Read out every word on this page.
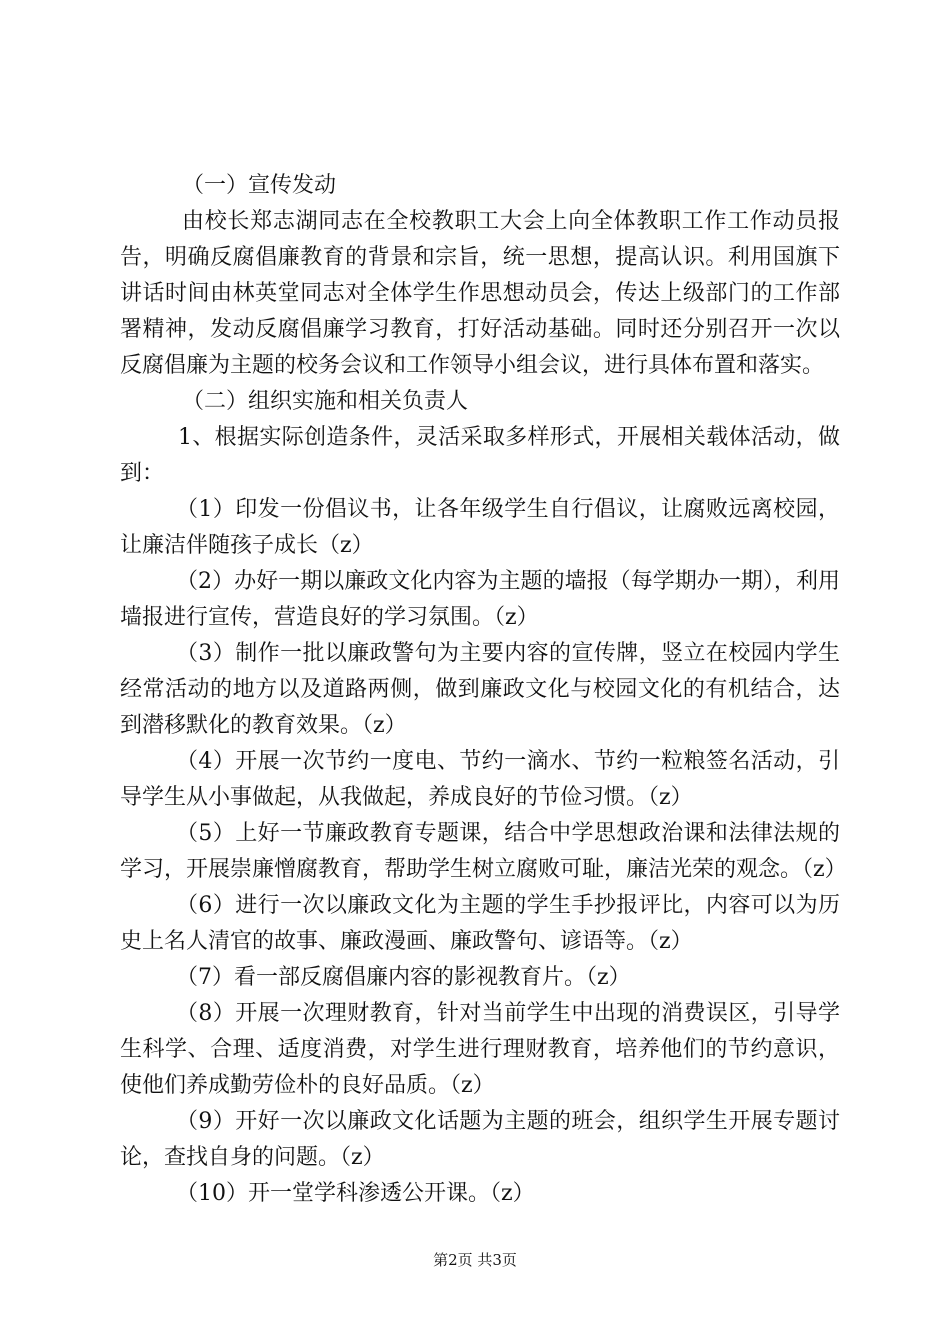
（一）宣传发动

由校长郑志湖同志在全校教职工大会上向全体教职工作工作动员报告，明确反腐倡廉教育的背景和宗旨，统一思想，提高认识。利用国旗下讲话时间由林英堂同志对全体学生作思想动员会，传达上级部门的工作部署精神，发动反腐倡廉学习教育，打好活动基础。同时还分别召开一次以反腐倡廉为主题的校务会议和工作领导小组会议，进行具体布置和落实。

（二）组织实施和相关负责人

1、根据实际创造条件，灵活采取多样形式，开展相关载体活动，做到：

（1）印发一份倡议书，让各年级学生自行倡议，让腐败远离校园，让廉洁伴随孩子成长（z）

（2）办好一期以廉政文化内容为主题的墙报（每学期办一期），利用墙报进行宣传，营造良好的学习氛围。（z）

（3）制作一批以廉政警句为主要内容的宣传牌，竖立在校园内学生经常活动的地方以及道路两侧，做到廉政文化与校园文化的有机结合，达到潜移默化的教育效果。（z）

（4）开展一次节约一度电、节约一滴水、节约一粒粮签名活动，引导学生从小事做起，从我做起，养成良好的节俭习惯。（z）

（5）上好一节廉政教育专题课，结合中学思想政治课和法律法规的学习，开展崇廉憎腐教育，帮助学生树立腐败可耻，廉洁光荣的观念。（z）

（6）进行一次以廉政文化为主题的学生手抄报评比，内容可以为历史上名人清官的故事、廉政漫画、廉政警句、谚语等。（z）

（7）看一部反腐倡廉内容的影视教育片。（z）

（8）开展一次理财教育，针对当前学生中出现的消费误区，引导学生科学、合理、适度消费，对学生进行理财教育，培养他们的节约意识，使他们养成勤劳俭朴的良好品质。（z）

（9）开好一次以廉政文化话题为主题的班会，组织学生开展专题讨论，查找自身的问题。（z）

（10）开一堂学科渗透公开课。（z）

第2页 共3页
